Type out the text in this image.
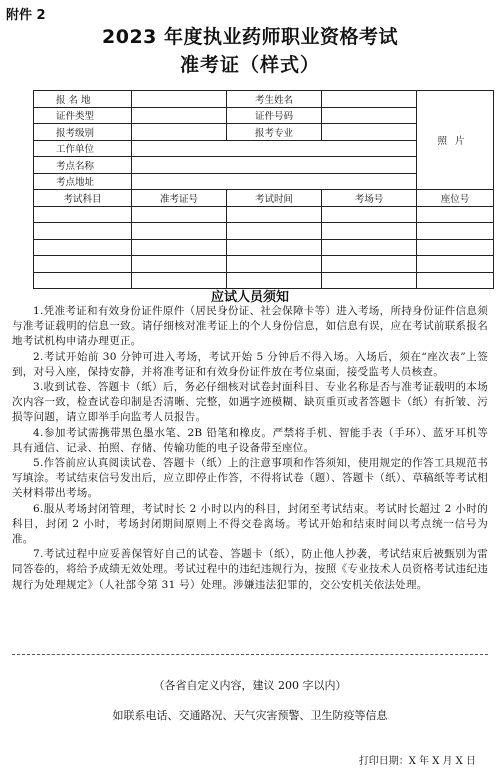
附件 2
2023 年度执业药师职业资格考试
准考证（样式）
报 名 地		考生姓名		照片
证件类型		证件号码		
报考级别		报考专业		
工作单位				
考点名称				
考点地址				
考试科目	准考证号	考试时间	考场号	座位号

应试人员须知

1.凭准考证和有效身份证件原件（居民身份证、社会保障卡等）进入考场，所持身份证件信息须与准考证载明的信息一致。请仔细核对准考证上的个人身份信息，如信息有误，应在考试前联系报名地考试机构申请办理更正。

2.考试开始前 30 分钟可进入考场，考试开始 5 分钟后不得入场。入场后，须在“座次表”上签到，对号入座，保持安静，并将准考证和有效身份证件放在考位桌面，接受监考人员核查。

3.收到试卷、答题卡（纸）后，务必仔细核对试卷封面科目、专业名称是否与准考证载明的本场次内容一致，检查试卷印制是否清晰、完整，如遇字迹模糊、缺页重页或者答题卡（纸）有折皱、污损等问题，请立即举手向监考人员报告。

4.参加考试需携带黑色墨水笔、2B 铅笔和橡皮。严禁将手机、智能手表（手环）、蓝牙耳机等具有通信、记录、拍照、存储、传输功能的电子设备带至座位。

5.作答前应认真阅读试卷、答题卡（纸）上的注意事项和作答须知，使用规定的作答工具规范书写填涂。考试结束信号发出后，应立即停止作答，不得将试卷（题）、答题卡（纸）、草稿纸等考试相关材料带出考场。

6.服从考场封闭管理，考试时长 2 小时以内的科目，封闭至考试结束。考试时长超过 2 小时的科目，封闭 2 小时，考场封闭期间原则上不得交卷离场。考试开始和结束时间以考点统一信号为准。

7.考试过程中应妥善保管好自己的试卷、答题卡（纸），防止他人抄袭，考试结束后被甄别为雷同答卷的，将给予成绩无效处理。考试过程中的违纪违规行为，按照《专业技术人员资格考试违纪违规行为处理规定》（人社部令第 31 号）处理。涉嫌违法犯罪的，交公安机关依法处理。

（各省自定义内容，建议 200 字以内）
如联系电话、交通路况、天气灾害预警、卫生防疫等信息
打印日期：X 年 X 月 X 日
